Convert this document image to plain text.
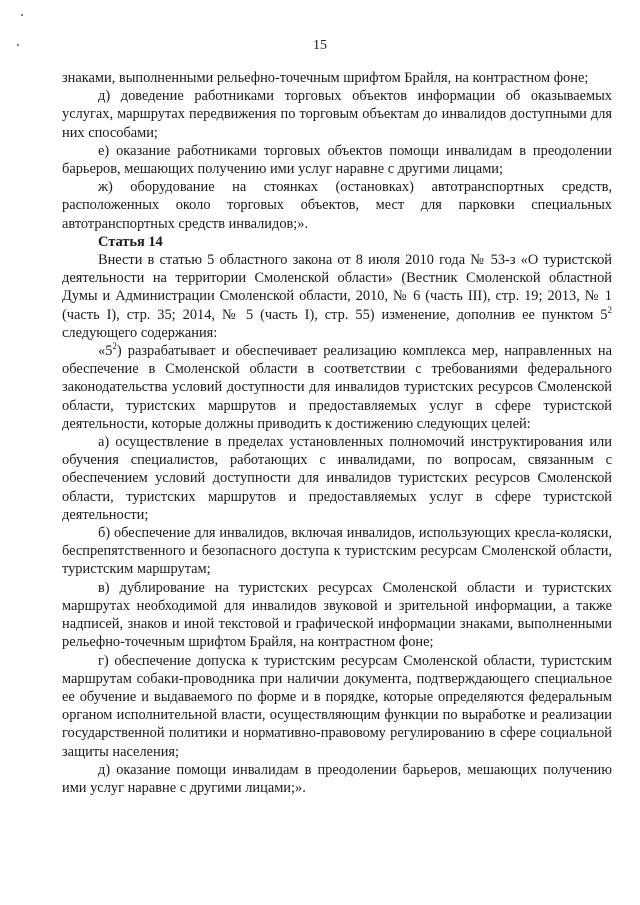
15

знаками, выполненными рельефно-точечным шрифтом Брайля, на контрастном фоне;

д) доведение работниками торговых объектов информации об оказываемых услугах, маршрутах передвижения по торговым объектам до инвалидов доступными для них способами;

е) оказание работниками торговых объектов помощи инвалидам в преодолении барьеров, мешающих получению ими услуг наравне с другими лицами;

ж) оборудование на стоянках (остановках) автотранспортных средств, расположенных около торговых объектов, мест для парковки специальных автотранспортных средств инвалидов;».

Статья 14

Внести в статью 5 областного закона от 8 июля 2010 года № 53-з «О туристской деятельности на территории Смоленской области» (Вестник Смоленской областной Думы и Администрации Смоленской области, 2010, № 6 (часть III), стр. 19; 2013, № 1 (часть I), стр. 35; 2014, № 5 (часть I), стр. 55) изменение, дополнив ее пунктом $5^2$ следующего содержания:

«$5^2$) разрабатывает и обеспечивает реализацию комплекса мер, направленных на обеспечение в Смоленской области в соответствии с требованиями федерального законодательства условий доступности для инвалидов туристских ресурсов Смоленской области, туристских маршрутов и предоставляемых услуг в сфере туристской деятельности, которые должны приводить к достижению следующих целей:

а) осуществление в пределах установленных полномочий инструктирования или обучения специалистов, работающих с инвалидами, по вопросам, связанным с обеспечением условий доступности для инвалидов туристских ресурсов Смоленской области, туристских маршрутов и предоставляемых услуг в сфере туристской деятельности;

б) обеспечение для инвалидов, включая инвалидов, использующих кресла-коляски, беспрепятственного и безопасного доступа к туристским ресурсам Смоленской области, туристским маршрутам;

в) дублирование на туристских ресурсах Смоленской области и туристских маршрутах необходимой для инвалидов звуковой и зрительной информации, а также надписей, знаков и иной текстовой и графической информации знаками, выполненными рельефно-точечным шрифтом Брайля, на контрастном фоне;

г) обеспечение допуска к туристским ресурсам Смоленской области, туристским маршрутам собаки-проводника при наличии документа, подтверждающего специальное ее обучение и выдаваемого по форме и в порядке, которые определяются федеральным органом исполнительной власти, осуществляющим функции по выработке и реализации государственной политики и нормативно-правовому регулированию в сфере социальной защиты населения;

д) оказание помощи инвалидам в преодолении барьеров, мешающих получению ими услуг наравне с другими лицами;».
